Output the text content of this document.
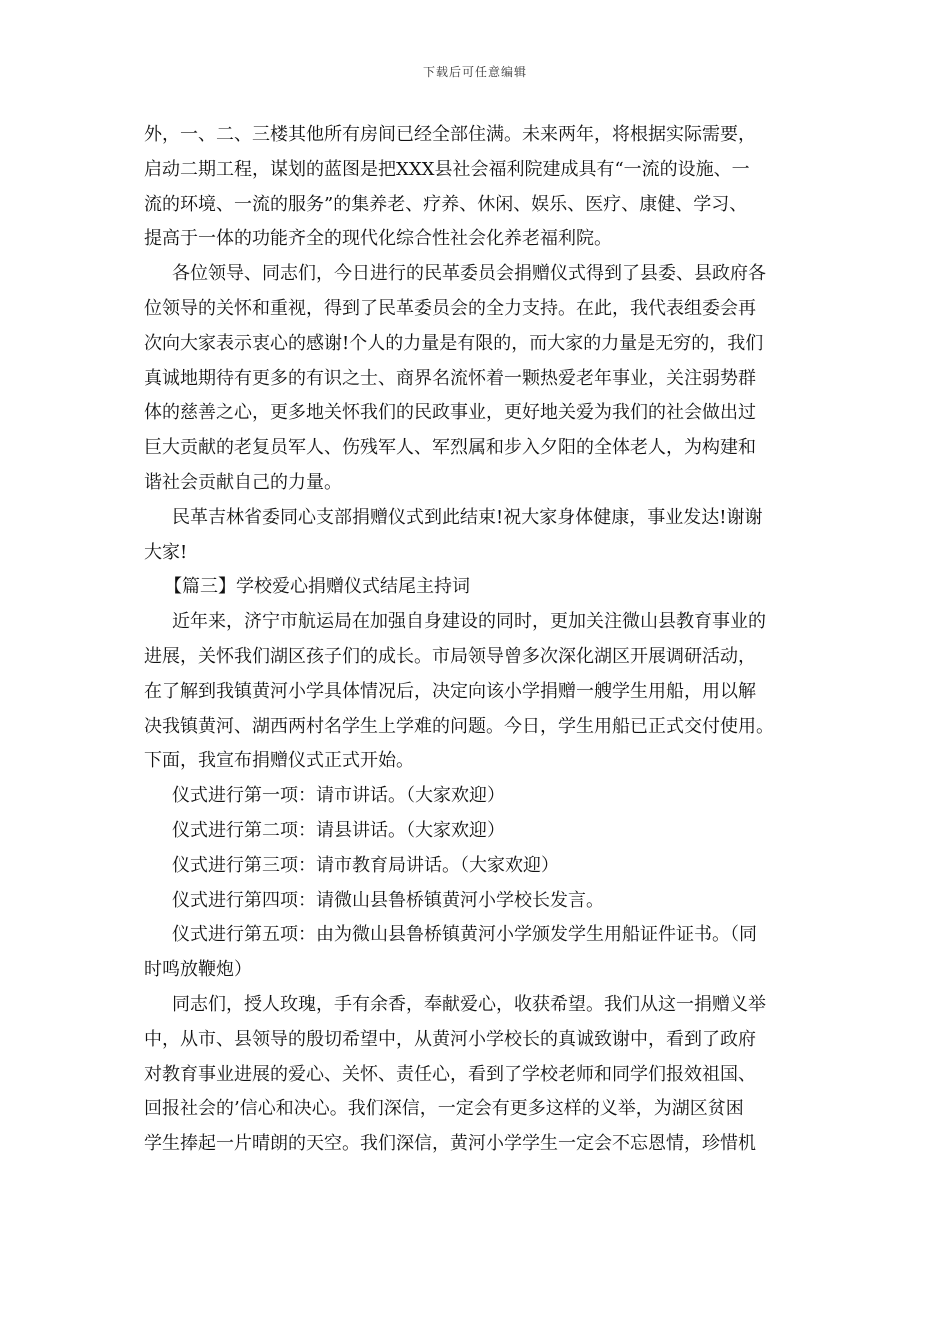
下载后可任意编辑

外，一、二、三楼其他所有房间已经全部住满。未来两年，将根据实际需要，

启动二期工程，谋划的蓝图是把XXX县社会福利院建成具有“一流的设施、一

流的环境、一流的服务”的集养老、疗养、休闲、娱乐、医疗、康健、学习、

提高于一体的功能齐全的现代化综合性社会化养老福利院。

各位领导、同志们，今日进行的民革委员会捐赠仪式得到了县委、县政府各

位领导的关怀和重视，得到了民革委员会的全力支持。在此，我代表组委会再

次向大家表示衷心的感谢!个人的力量是有限的，而大家的力量是无穷的，我们

真诚地期待有更多的有识之士、商界名流怀着一颗热爱老年事业，关注弱势群

体的慈善之心，更多地关怀我们的民政事业，更好地关爱为我们的社会做出过

巨大贡献的老复员军人、伤残军人、军烈属和步入夕阳的全体老人，为构建和

谐社会贡献自己的力量。

民革吉林省委同心支部捐赠仪式到此结束!祝大家身体健康，事业发达!谢谢

大家!

【篇三】学校爱心捐赠仪式结尾主持词

近年来，济宁市航运局在加强自身建设的同时，更加关注微山县教育事业的

进展，关怀我们湖区孩子们的成长。市局领导曾多次深化湖区开展调研活动，

在了解到我镇黄河小学具体情况后，决定向该小学捐赠一艘学生用船，用以解

决我镇黄河、湖西两村名学生上学难的问题。今日，学生用船已正式交付使用。

下面，我宣布捐赠仪式正式开始。

仪式进行第一项：请市讲话。（大家欢迎）

仪式进行第二项：请县讲话。（大家欢迎）

仪式进行第三项：请市教育局讲话。（大家欢迎）

仪式进行第四项：请微山县鲁桥镇黄河小学校长发言。

仪式进行第五项：由为微山县鲁桥镇黄河小学颁发学生用船证件证书。（同

时鸣放鞭炮）

同志们，授人玫瑰，手有余香，奉献爱心，收获希望。我们从这一捐赠义举

中，从市、县领导的殷切希望中，从黄河小学校长的真诚致谢中，看到了政府

对教育事业进展的爱心、关怀、责任心，看到了学校老师和同学们报效祖国、

回报社会的’信心和决心。我们深信，一定会有更多这样的义举，为湖区贫困

学生捧起一片晴朗的天空。我们深信，黄河小学学生一定会不忘恩情，珍惜机
